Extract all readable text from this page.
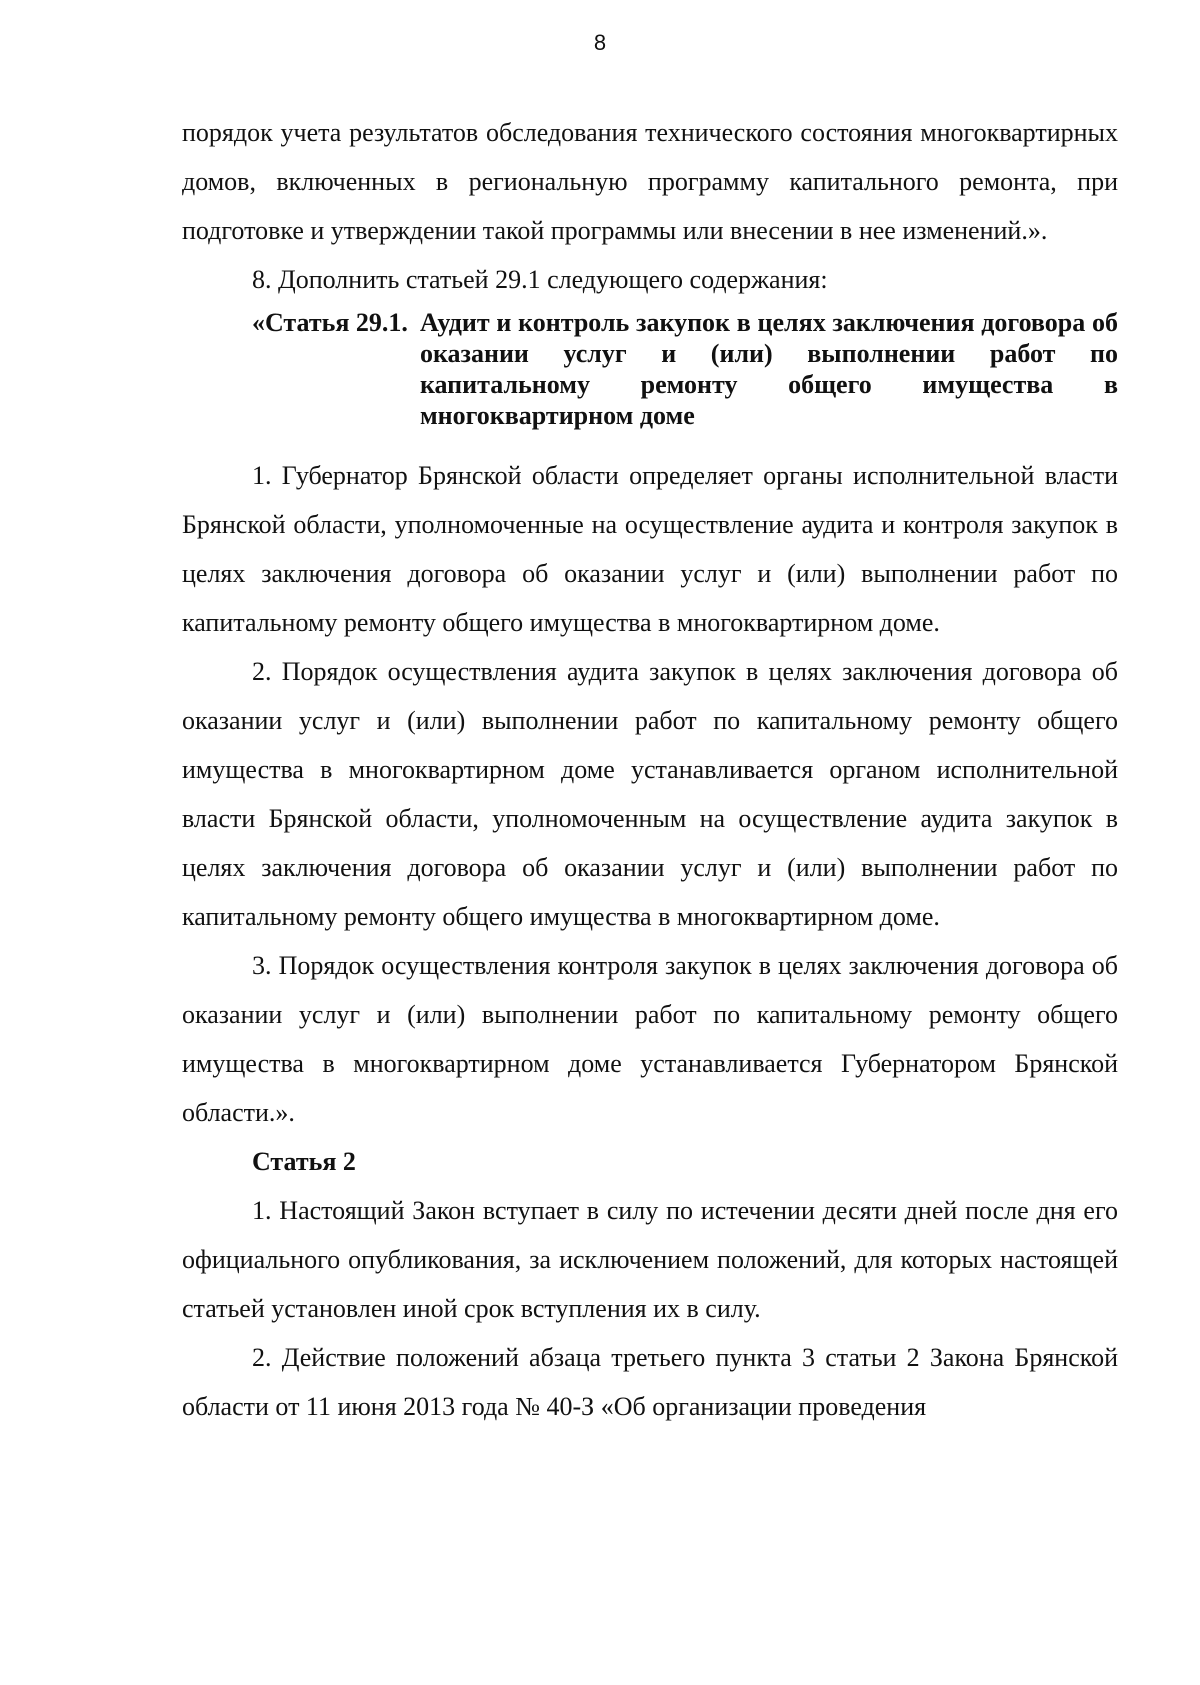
8

порядок учета результатов обследования технического состояния многоквартирных домов, включенных в региональную программу капитального ремонта, при подготовке и утверждении такой программы или внесении в нее изменений.».

8. Дополнить статьей 29.1 следующего содержания:

«Статья 29.1. Аудит и контроль закупок в целях заключения договора об оказании услуг и (или) выполнении работ по капитальному ремонту общего имущества в многоквартирном доме

1. Губернатор Брянской области определяет органы исполнительной власти Брянской области, уполномоченные на осуществление аудита и контроля закупок в целях заключения договора об оказании услуг и (или) выполнении работ по капитальному ремонту общего имущества в многоквартирном доме.

2. Порядок осуществления аудита закупок в целях заключения договора об оказании услуг и (или) выполнении работ по капитальному ремонту общего имущества в многоквартирном доме устанавливается органом исполнительной власти Брянской области, уполномоченным на осуществление аудита закупок в целях заключения договора об оказании услуг и (или) выполнении работ по капитальному ремонту общего имущества в многоквартирном доме.

3. Порядок осуществления контроля закупок в целях заключения договора об оказании услуг и (или) выполнении работ по капитальному ремонту общего имущества в многоквартирном доме устанавливается Губернатором Брянской области.».

Статья 2

1. Настоящий Закон вступает в силу по истечении десяти дней после дня его официального опубликования, за исключением положений, для которых настоящей статьей установлен иной срок вступления их в силу.

2. Действие положений абзаца третьего пункта 3 статьи 2 Закона Брянской области от 11 июня 2013 года № 40-З «Об организации проведения
